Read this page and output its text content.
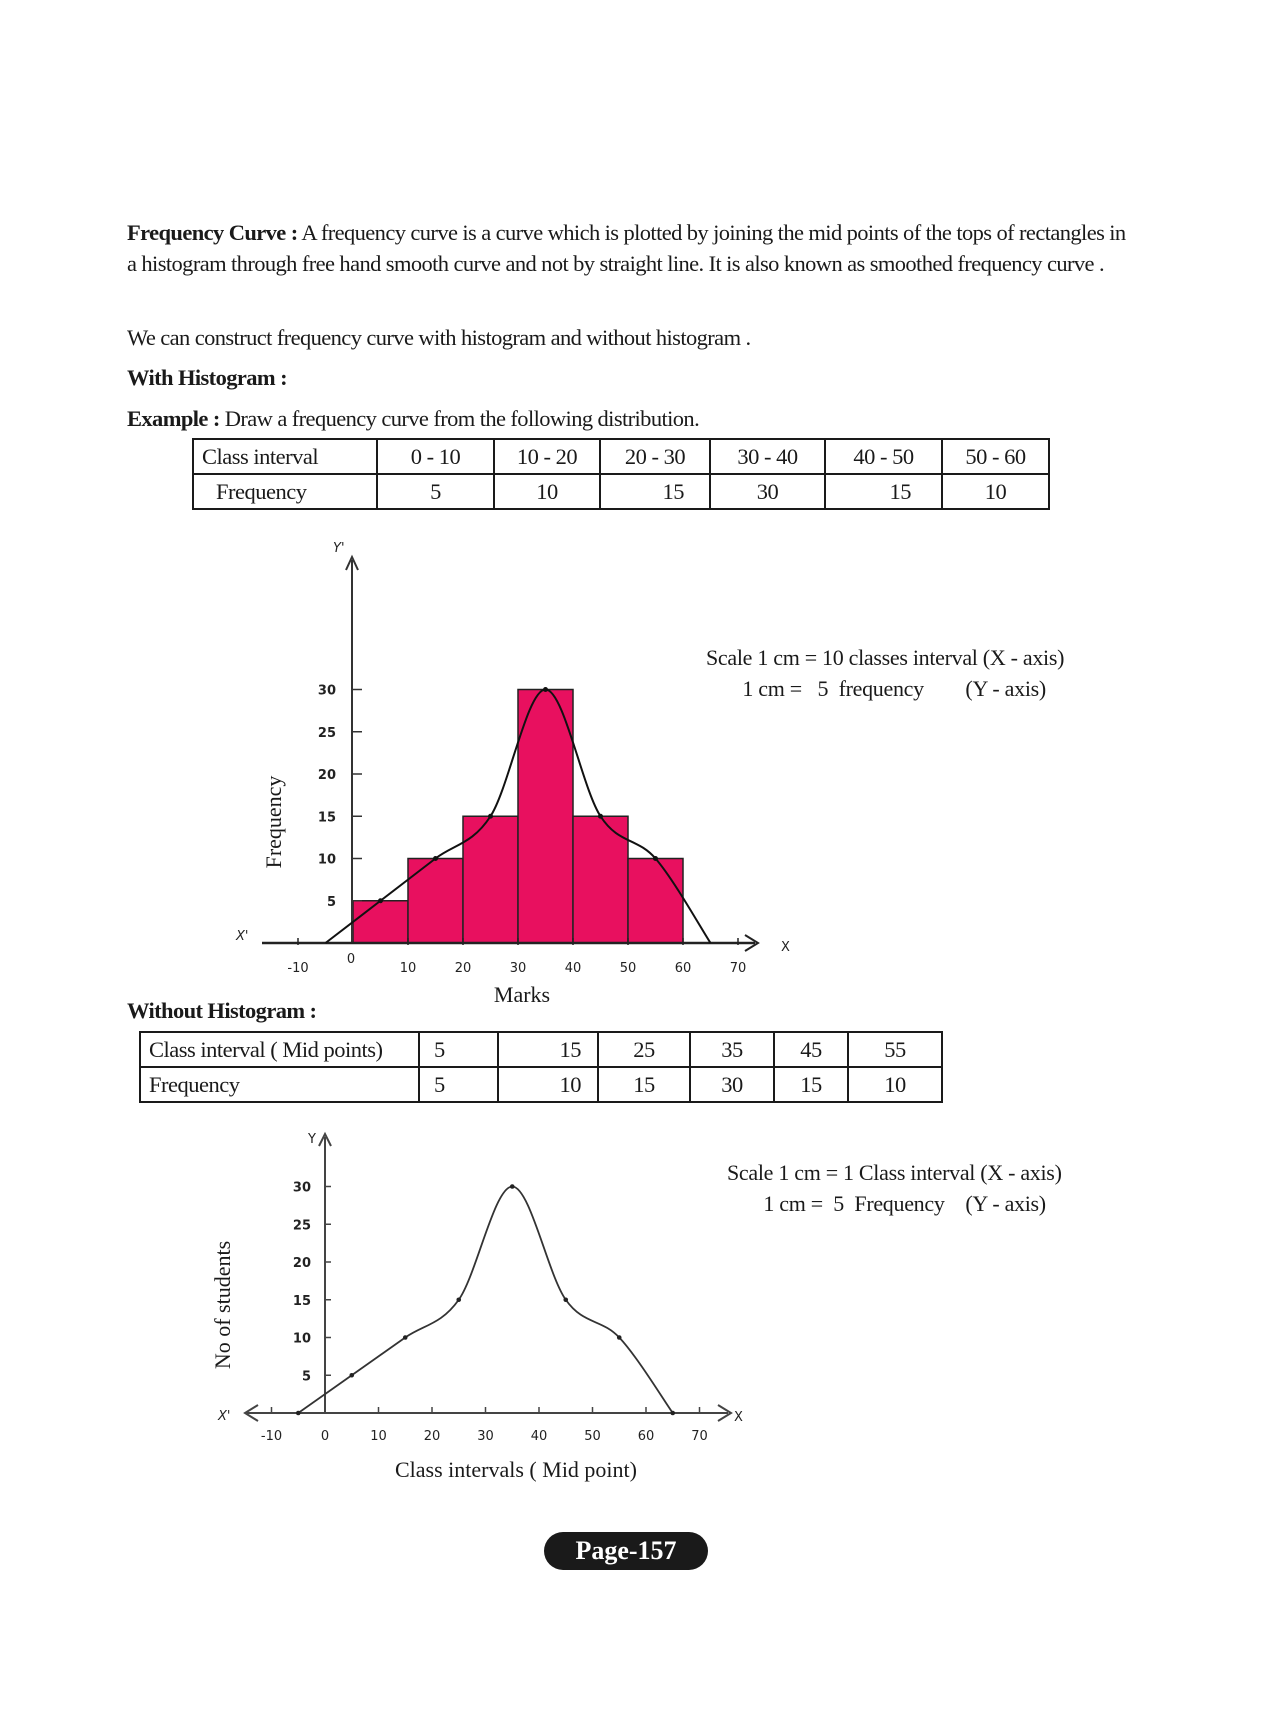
Frequency Curve : A frequency curve is a curve which is plotted by joining the mid points of the tops of rectangles in a histogram through free hand smooth curve and not by straight line. It is also known as smoothed frequency curve .

We can construct frequency curve with histogram and without histogram .

With Histogram :

Example : Draw a frequency curve from the following distribution.

Class interval	0 - 10	10 - 20	20 - 30	30 - 40	40 - 50	50 - 60
Frequency	5	10	15	30	15	10
5
10
15
20
25
30
-10
0
10	20	30	40	50	60	70
Y'
X'
X
Marks
Frequency
Scale 1 cm = 10 classes interval (X - axis)
1 cm =   5  frequency        (Y - axis)

Without Histogram :

Class interval ( Mid points)	5	15	25	35	45	55
Frequency	5	10	15	30	15	10
5
10
15
20
25
30
-10	0	10	20	30	40	50	60	70
Y
X'	X
Class intervals ( Mid point)
No of students
Scale 1 cm = 1 Class interval (X - axis)
1 cm =  5  Frequency    (Y - axis)
Page-157
